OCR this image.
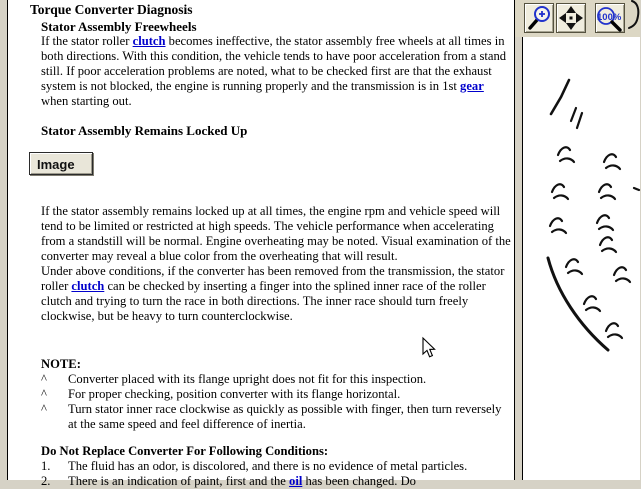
Torque Converter Diagnosis
Stator Assembly Freewheels
If the stator roller clutch becomes ineffective, the stator assembly free wheels at all times in both directions. With this condition, the vehicle tends to have poor acceleration from a stand still. If poor acceleration problems are noted, what to be checked first are that the exhaust system is not blocked, the engine is running properly and the transmission is in 1st gear when starting out.
Stator Assembly Remains Locked Up
Image

If the stator assembly remains locked up at all times, the engine rpm and vehicle speed will tend to be limited or restricted at high speeds. The vehicle performance when accelerating from a standstill will be normal. Engine overheating may be noted. Visual examination of the converter may reveal a blue color from the overheating that will result.

Under above conditions, if the converter has been removed from the transmission, the stator roller clutch can be checked by inserting a finger into the splined inner race of the roller clutch and trying to turn the race in both directions. The inner race should turn freely clockwise, but be heavy to turn counterclockwise.

NOTE:
^	Converter placed with its flange upright does not fit for this inspection.
^	For proper checking, position converter with its flange horizontal.
^	Turn stator inner race clockwise as quickly as possible with finger, then turn reversely at the same speed and feel difference of inertia.
Do Not Replace Converter For Following Conditions:
1.	The fluid has an odor, is discolored, and there is no evidence of metal particles.
2.	There is an indication of paint, first and the oil has been changed. Do
100%
